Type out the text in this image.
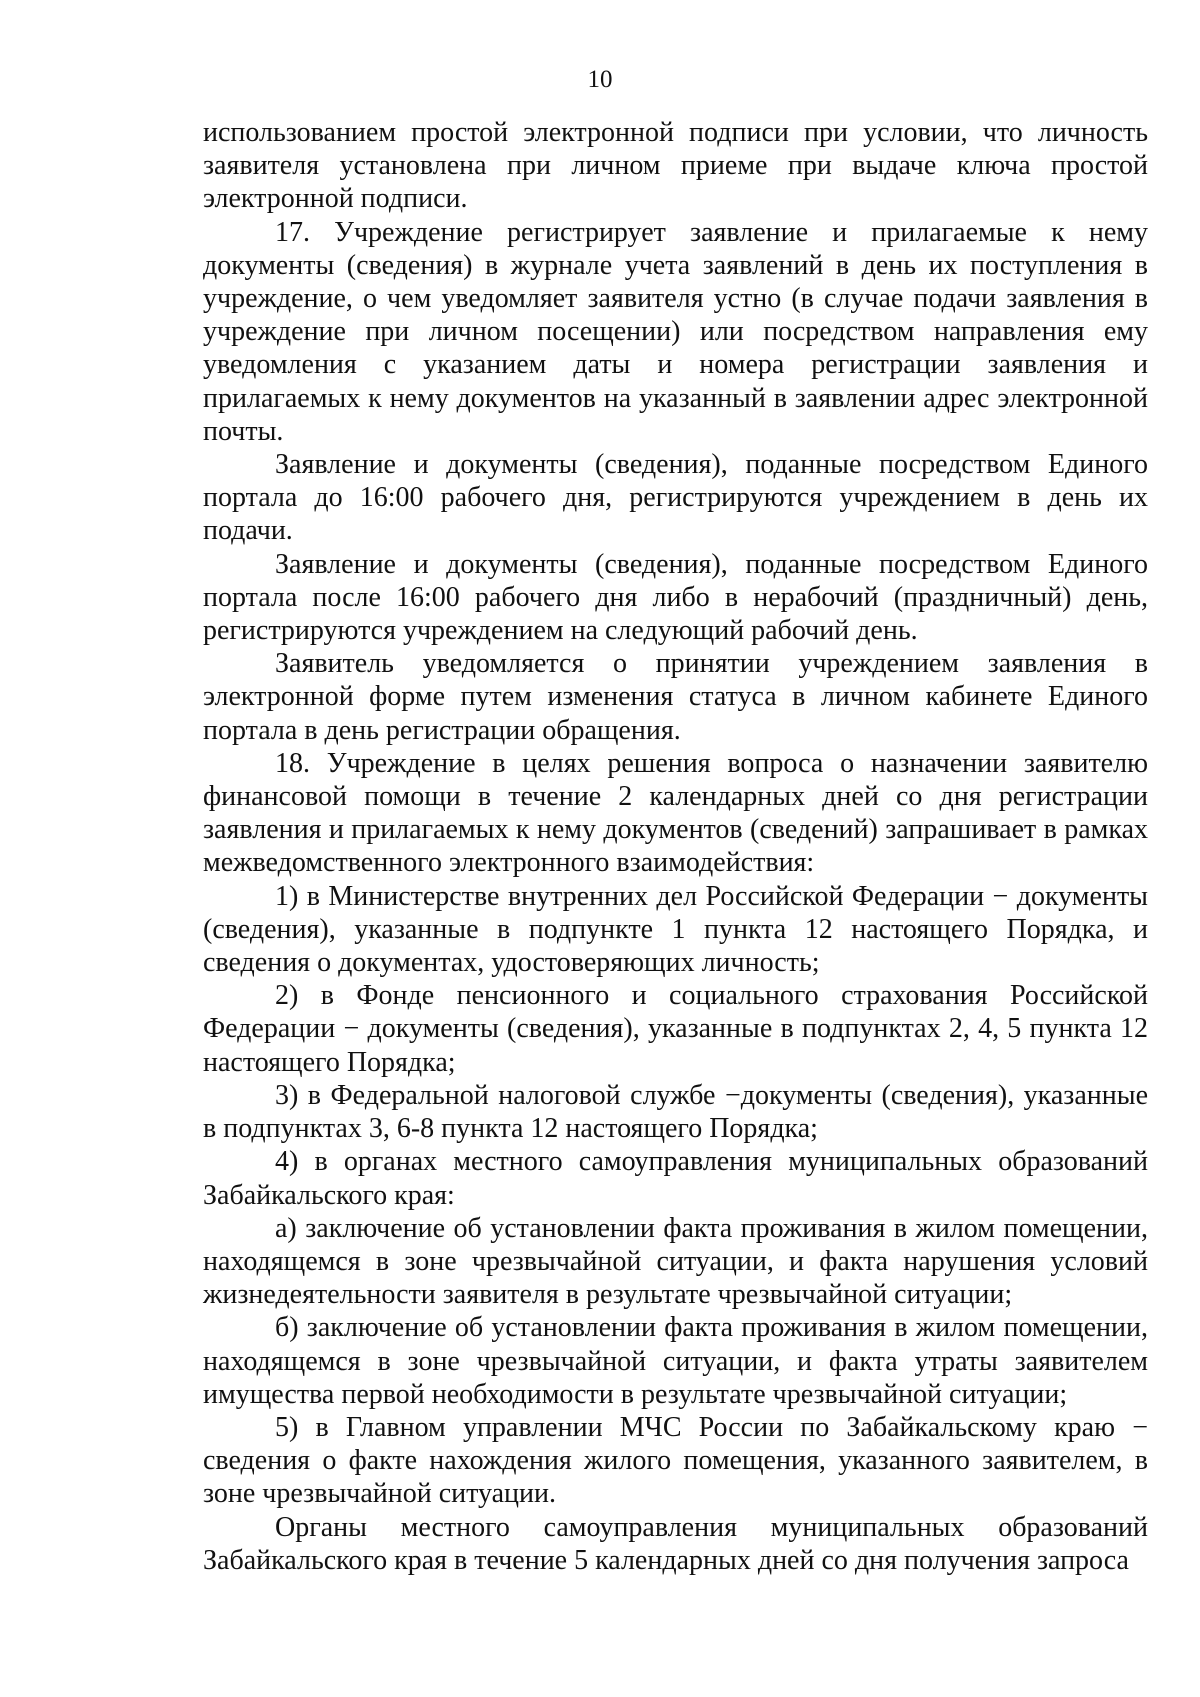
10

использованием простой электронной подписи при условии, что личность заявителя установлена при личном приеме при выдаче ключа простой электронной подписи.

17. Учреждение регистрирует заявление и прилагаемые к нему документы (сведения) в журнале учета заявлений в день их поступления в учреждение, о чем уведомляет заявителя устно (в случае подачи заявления в учреждение при личном посещении) или посредством направления ему уведомления с указанием даты и номера регистрации заявления и прилагаемых к нему документов на указанный в заявлении адрес электронной почты.

Заявление и документы (сведения), поданные посредством Единого портала до 16:00 рабочего дня, регистрируются учреждением в день их подачи.

Заявление и документы (сведения), поданные посредством Единого портала после 16:00 рабочего дня либо в нерабочий (праздничный) день, регистрируются учреждением на следующий рабочий день.

Заявитель уведомляется о принятии учреждением заявления в электронной форме путем изменения статуса в личном кабинете Единого портала в день регистрации обращения.

18. Учреждение в целях решения вопроса о назначении заявителю финансовой помощи в течение 2 календарных дней со дня регистрации заявления и прилагаемых к нему документов (сведений) запрашивает в рамках межведомственного электронного взаимодействия:

1) в Министерстве внутренних дел Российской Федерации − документы (сведения), указанные в подпункте 1 пункта 12 настоящего Порядка, и сведения о документах, удостоверяющих личность;

2) в Фонде пенсионного и социального страхования Российской Федерации − документы (сведения), указанные в подпунктах 2, 4, 5 пункта 12 настоящего Порядка;

3) в Федеральной налоговой службе −документы (сведения), указанные в подпунктах 3, 6-8 пункта 12 настоящего Порядка;

4) в органах местного самоуправления муниципальных образований Забайкальского края:

а) заключение об установлении факта проживания в жилом помещении, находящемся в зоне чрезвычайной ситуации, и факта нарушения условий жизнедеятельности заявителя в результате чрезвычайной ситуации;

б) заключение об установлении факта проживания в жилом помещении, находящемся в зоне чрезвычайной ситуации, и факта утраты заявителем имущества первой необходимости в результате чрезвычайной ситуации;

5) в Главном управлении МЧС России по Забайкальскому краю − сведения о факте нахождения жилого помещения, указанного заявителем, в зоне чрезвычайной ситуации.

Органы местного самоуправления муниципальных образований Забайкальского края в течение 5 календарных дней со дня получения запроса
